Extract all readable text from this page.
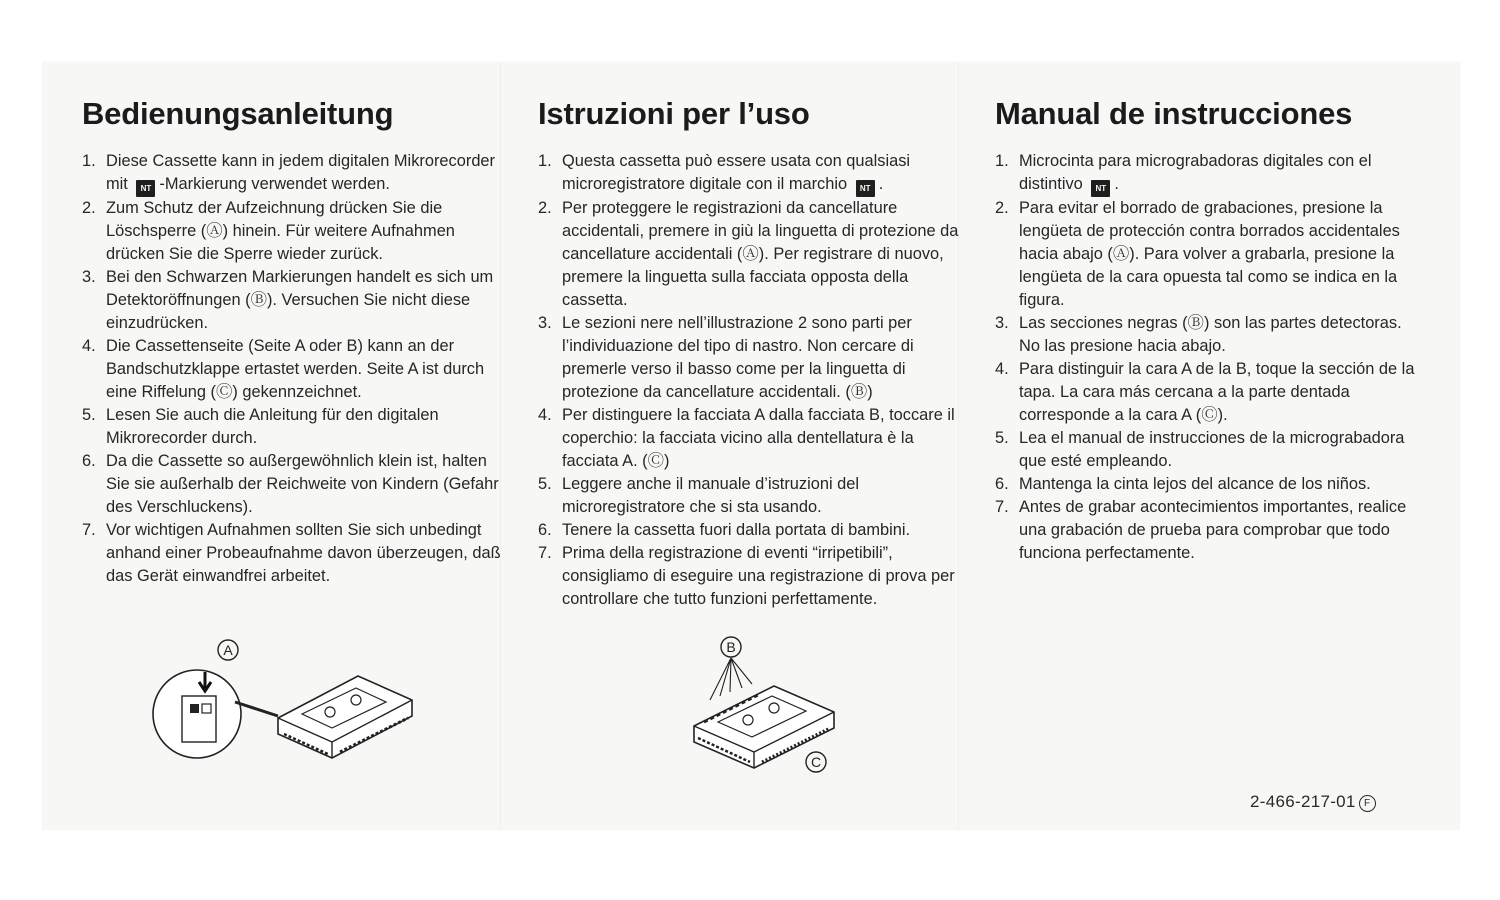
Bedienungsanleitung
1. Diese Cassette kann in jedem digitalen Mikrorecorder mit NT -Markierung verwendet werden.
2. Zum Schutz der Aufzeichnung drücken Sie die Löschsperre (Ⓐ) hinein. Für weitere Aufnahmen drücken Sie die Sperre wieder zurück.
3. Bei den Schwarzen Markierungen handelt es sich um Detektoröffnungen (Ⓑ). Versuchen Sie nicht diese einzudrücken.
4. Die Cassettenseite (Seite A oder B) kann an der Bandschutzklappe ertastet werden. Seite A ist durch eine Riffelung (Ⓒ) gekennzeichnet.
5. Lesen Sie auch die Anleitung für den digitalen Mikrorecorder durch.
6. Da die Cassette so außergewöhnlich klein ist, halten Sie sie außerhalb der Reichweite von Kindern (Gefahr des Verschluckens).
7. Vor wichtigen Aufnahmen sollten Sie sich unbedingt anhand einer Probeaufnahme davon überzeugen, daß das Gerät einwandfrei arbeitet.
Istruzioni per l’uso
1. Questa cassetta può essere usata con qualsiasi microregistratore digitale con il marchio NT .
2. Per proteggere le registrazioni da cancellature accidentali, premere in giù la linguetta di protezione da cancellature accidentali (Ⓐ). Per registrare di nuovo, premere la linguetta sulla facciata opposta della cassetta.
3. Le sezioni nere nell’illustrazione 2 sono parti per l’individuazione del tipo di nastro. Non cercare di premerle verso il basso come per la linguetta di protezione da cancellature accidentali. (Ⓑ)
4. Per distinguere la facciata A dalla facciata B, toccare il coperchio: la facciata vicino alla dentellatura è la facciata A. (Ⓒ)
5. Leggere anche il manuale d’istruzioni del microregistratore che si sta usando.
6. Tenere la cassetta fuori dalla portata di bambini.
7. Prima della registrazione di eventi “irripetibili”, consigliamo di eseguire una registrazione di prova per controllare che tutto funzioni perfettamente.
Manual de instrucciones
1. Microcinta para micrograbadoras digitales con el distintivo NT .
2. Para evitar el borrado de grabaciones, presione la lengüeta de protección contra borrados accidentales hacia abajo (Ⓐ). Para volver a grabarla, presione la lengüeta de la cara opuesta tal como se indica en la figura.
3. Las secciones negras (Ⓑ) son las partes detectoras. No las presione hacia abajo.
4. Para distinguir la cara A de la B, toque la sección de la tapa. La cara más cercana a la parte dentada corresponde a la cara A (Ⓒ).
5. Lea el manual de instrucciones de la micrograbadora que esté empleando.
6. Mantenga la cinta lejos del alcance de los niños.
7. Antes de grabar acontecimientos importantes, realice una grabación de prueba para comprobar que todo funciona perfectamente.
A	B
C
2-466-217-01 F
